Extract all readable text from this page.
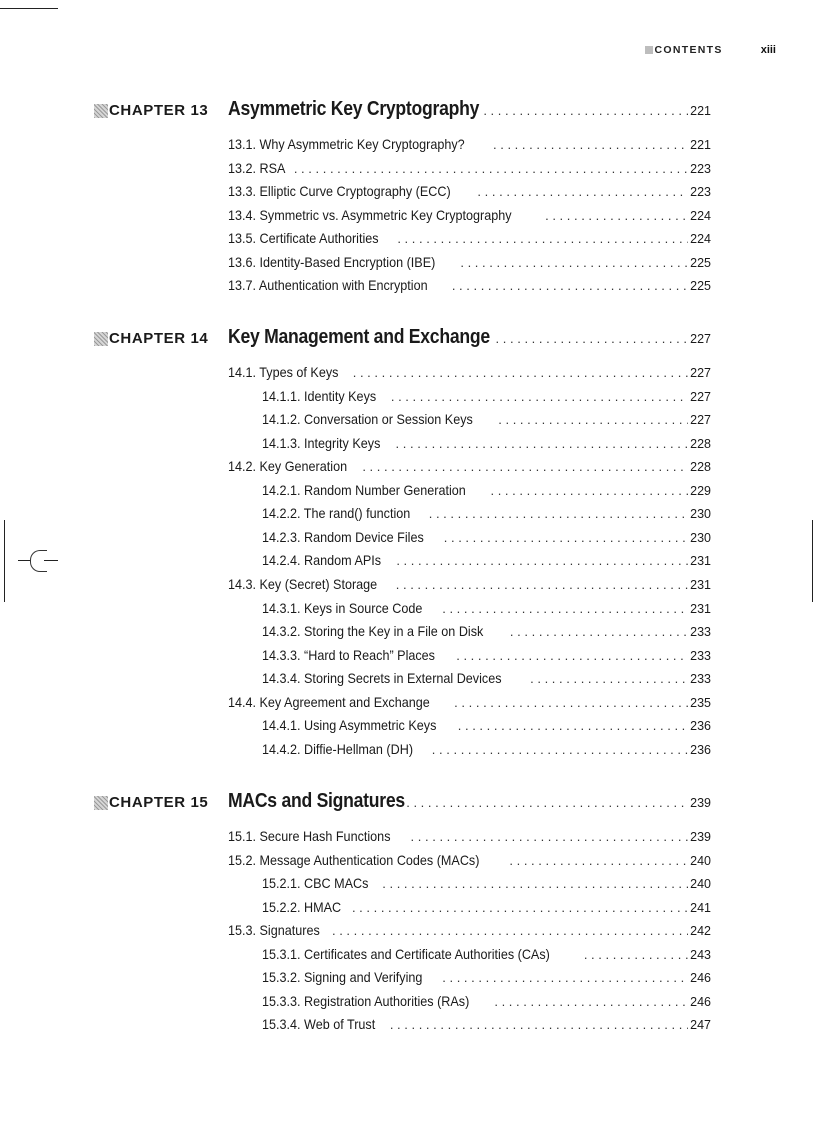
CONTENTS	xiii
CHAPTER 13 Asymmetric Key Cryptography . . .	221
13.1. Why Asymmetric Key Cryptography? . . .	221
13.2. RSA . . .	223
13.3. Elliptic Curve Cryptography (ECC) . . .	223
13.4. Symmetric vs. Asymmetric Key Cryptography . . .	224
13.5. Certificate Authorities . . .	224
13.6. Identity-Based Encryption (IBE) . . .	225
13.7. Authentication with Encryption . . .	225
CHAPTER 14 Key Management and Exchange . . .	227
14.1. Types of Keys . . .	227
14.1.1. Identity Keys . . .	227
14.1.2. Conversation or Session Keys . . .	227
14.1.3. Integrity Keys . . .	228
14.2. Key Generation . . .	228
14.2.1. Random Number Generation . . .	229
14.2.2. The rand() function . . .	230
14.2.3. Random Device Files . . .	230
14.2.4. Random APIs . . .	231
14.3. Key (Secret) Storage . . .	231
14.3.1. Keys in Source Code . . .	231
14.3.2. Storing the Key in a File on Disk . . .	233
14.3.3. “Hard to Reach” Places . . .	233
14.3.4. Storing Secrets in External Devices . . .	233
14.4. Key Agreement and Exchange . . .	235
14.4.1. Using Asymmetric Keys . . .	236
14.4.2. Diffie-Hellman (DH) . . .	236
CHAPTER 15 MACs and Signatures . . .	239
15.1. Secure Hash Functions . . .	239
15.2. Message Authentication Codes (MACs) . . .	240
15.2.1. CBC MACs . . .	240
15.2.2. HMAC . . .	241
15.3. Signatures . . .	242
15.3.1. Certificates and Certificate Authorities (CAs) . . .	243
15.3.2. Signing and Verifying . . .	246
15.3.3. Registration Authorities (RAs) . . .	246
15.3.4. Web of Trust . . .	247
